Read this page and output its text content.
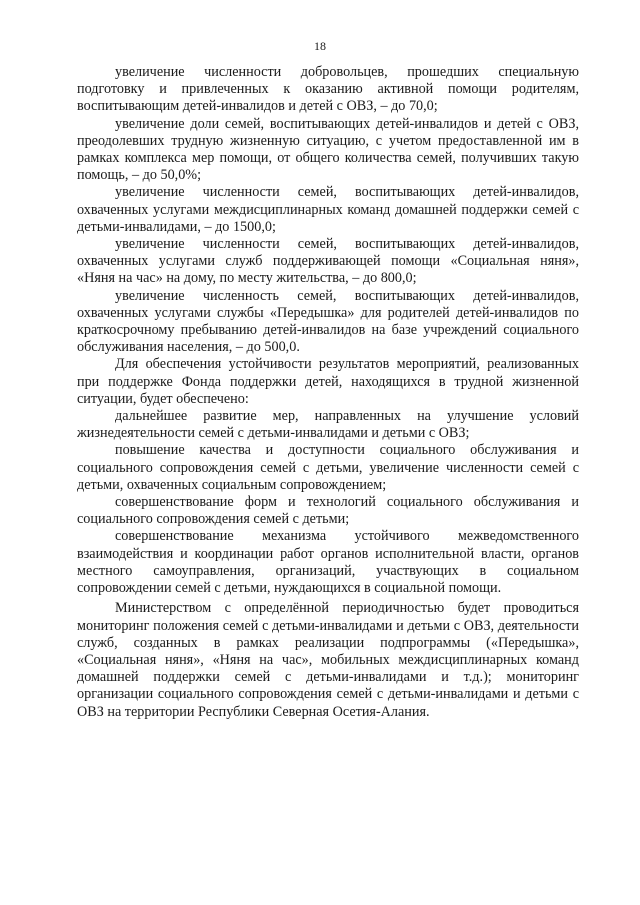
18

увеличение численности добровольцев, прошедших специальную подготовку и привлеченных к оказанию активной помощи родителям, воспитывающим детей-инвалидов и детей с ОВЗ, – до 70,0;

увеличение доли семей, воспитывающих детей-инвалидов и детей с ОВЗ, преодолевших трудную жизненную ситуацию, с учетом предоставленной им в рамках комплекса мер помощи, от общего количества семей, получивших такую помощь, – до 50,0%;

увеличение численности семей, воспитывающих детей-инвалидов, охваченных услугами междисциплинарных команд домашней поддержки семей с детьми-инвалидами, – до 1500,0;

увеличение численности семей, воспитывающих детей-инвалидов, охваченных услугами служб поддерживающей помощи «Социальная няня», «Няня на час» на дому, по месту жительства, – до 800,0;

увеличение численность семей, воспитывающих детей-инвалидов, охваченных услугами службы «Передышка» для родителей детей-инвалидов по краткосрочному пребыванию детей-инвалидов на базе учреждений социального обслуживания населения, – до 500,0.

Для обеспечения устойчивости результатов мероприятий, реализованных при поддержке Фонда поддержки детей, находящихся в трудной жизненной ситуации, будет обеспечено:

дальнейшее развитие мер, направленных на улучшение условий жизнедеятельности семей с детьми-инвалидами и детьми с ОВЗ;

повышение качества и доступности социального обслуживания и социального сопровождения семей с детьми, увеличение численности семей с детьми, охваченных социальным сопровождением;

совершенствование форм и технологий социального обслуживания и социального сопровождения семей с детьми;

совершенствование механизма устойчивого межведомственного взаимодействия и координации работ органов исполнительной власти, органов местного самоуправления, организаций, участвующих в социальном сопровождении семей с детьми, нуждающихся в социальной помощи.

Министерством с определённой периодичностью будет проводиться мониторинг положения семей с детьми-инвалидами и детьми с ОВЗ, деятельности служб, созданных в рамках реализации подпрограммы («Передышка», «Социальная няня», «Няня на час», мобильных междисциплинарных команд домашней поддержки семей с детьми-инвалидами и т.д.); мониторинг организации социального сопровождения семей с детьми-инвалидами и детьми с ОВЗ на территории Республики Северная Осетия-Алания.
